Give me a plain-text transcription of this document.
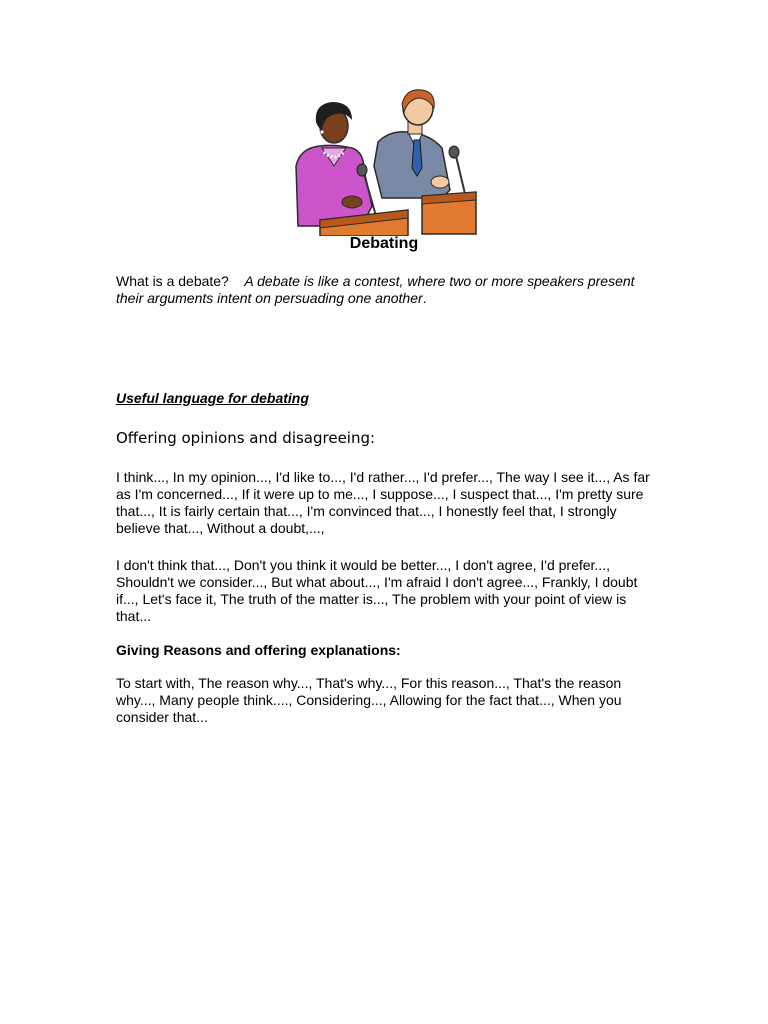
Debating
What is a debate? A debate is like a contest, where two or more speakers present their arguments intent on persuading one another.
Useful language for debating
Offering opinions and disagreeing:
I think..., In my opinion..., I'd like to..., I'd rather..., I'd prefer..., The way I see it..., As far as I'm concerned..., If it were up to me..., I suppose..., I suspect that..., I'm pretty sure that..., It is fairly certain that..., I'm convinced that..., I honestly feel that, I strongly believe that..., Without a doubt,...,
I don't think that..., Don't you think it would be better..., I don't agree, I'd prefer..., Shouldn't we consider..., But what about..., I'm afraid I don't agree..., Frankly, I doubt if..., Let's face it, The truth of the matter is..., The problem with your point of view is that...
Giving Reasons and offering explanations:
To start with, The reason why..., That's why..., For this reason..., That's the reason why..., Many people think...., Considering..., Allowing for the fact that..., When you consider that...
